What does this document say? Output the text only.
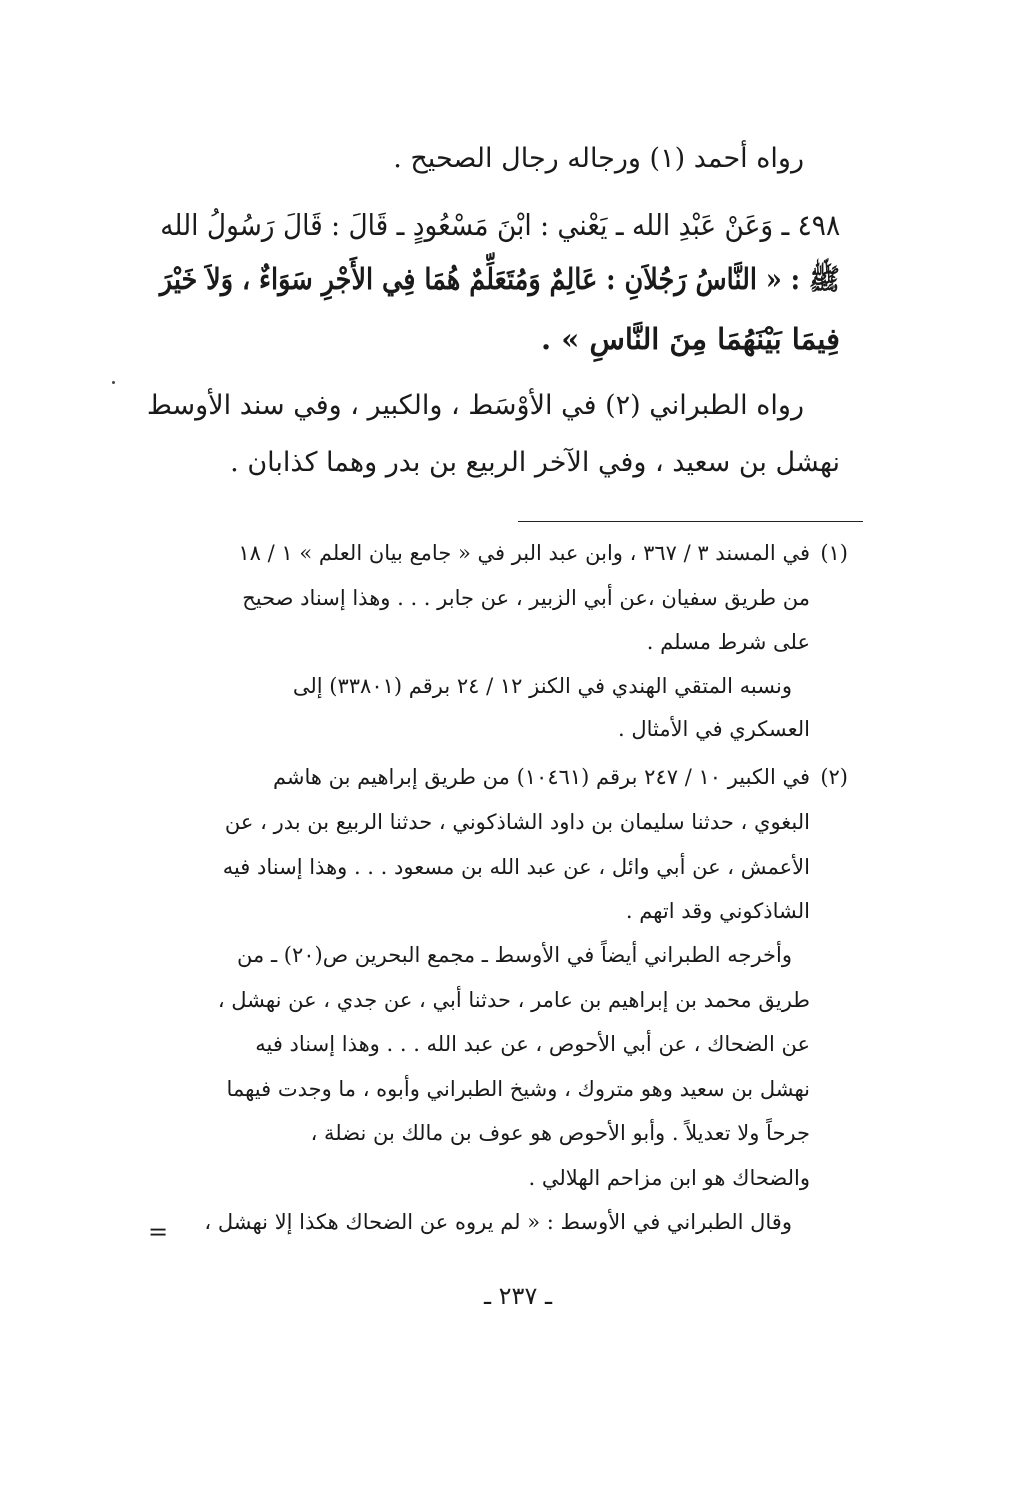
رواه أحمد (١) ورجاله رجال الصحيح .
٤٩٨ ـ وَعَنْ عَبْدِ الله ـ يَعْني : ابْنَ مَسْعُودٍ ـ قَالَ : قَالَ رَسُولُ الله
ﷺ : « النَّاسُ رَجُلاَنِ : عَالِمٌ وَمُتَعَلِّمٌ هُمَا فِي الأَجْرِ سَوَاءٌ ، وَلاَ خَيْرَ
فِيمَا بَيْنَهُمَا مِنَ النَّاسِ » .
رواه الطبراني (٢) في الأوْسَط ، والكبير ، وفي سند الأوسط
نهشل بن سعيد ، وفي الآخر الربيع بن بدر وهما كذابان .
(١)
في المسند ٣ / ٣٦٧ ، وابن عبد البر في « جامع بيان العلم » ١ / ١٨
من طريق سفيان ،عن أبي الزبير ، عن جابر . . . وهذا إسناد صحيح
على شرط مسلم .
ونسبه المتقي الهندي في الكنز ١٢ / ٢٤ برقم (٣٣٨٠١) إلى
العسكري في الأمثال .
(٢)
في الكبير ١٠ / ٢٤٧ برقم (١٠٤٦١) من طريق إبراهيم بن هاشم
البغوي ، حدثنا سليمان بن داود الشاذكوني ، حدثنا الربيع بن بدر ، عن
الأعمش ، عن أبي وائل ، عن عبد الله بن مسعود . . . وهذا إسناد فيه
الشاذكوني وقد اتهم .
وأخرجه الطبراني أيضاً في الأوسط ـ مجمع البحرين ص(٢٠) ـ من
طريق محمد بن إبراهيم بن عامر ، حدثنا أبي ، عن جدي ، عن نهشل ،
عن الضحاك ، عن أبي الأحوص ، عن عبد الله . . . وهذا إسناد فيه
نهشل بن سعيد وهو متروك ، وشيخ الطبراني وأبوه ، ما وجدت فيهما
جرحاً ولا تعديلاً . وأبو الأحوص هو عوف بن مالك بن نضلة ،
والضحاك هو ابن مزاحم الهلالي .
وقال الطبراني في الأوسط : « لم يروه عن الضحاك هكذا إلا نهشل ،
=
ـ ٢٣٧ ـ
